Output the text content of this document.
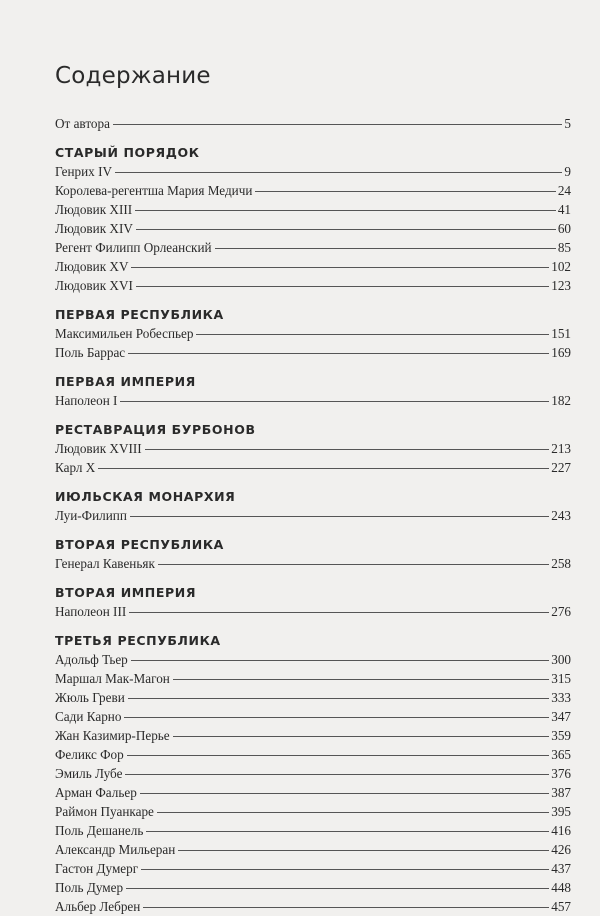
Содержание
От автора	5
СТАРЫЙ ПОРЯДОК
Генрих IV	9
Королева-регентша Мария Медичи	24
Людовик XIII	41
Людовик XIV	60
Регент Филипп Орлеанский	85
Людовик XV	102
Людовик XVI	123
ПЕРВАЯ РЕСПУБЛИКА
Максимильен Робеспьер	151
Поль Баррас	169
ПЕРВАЯ ИМПЕРИЯ
Наполеон I	182
РЕСТАВРАЦИЯ БУРБОНОВ
Людовик XVIII	213
Карл X	227
ИЮЛЬСКАЯ МОНАРХИЯ
Луи-Филипп	243
ВТОРАЯ РЕСПУБЛИКА
Генерал Кавеньяк	258
ВТОРАЯ ИМПЕРИЯ
Наполеон III	276
ТРЕТЬЯ РЕСПУБЛИКА
Адольф Тьер	300
Маршал Мак-Магон	315
Жюль Греви	333
Сади Карно	347
Жан Казимир-Перье	359
Феликс Фор	365
Эмиль Лубе	376
Арман Фальер	387
Раймон Пуанкаре	395
Поль Дешанель	416
Александр Мильеран	426
Гастон Думерг	437
Поль Думер	448
Альбер Лебрен	457
